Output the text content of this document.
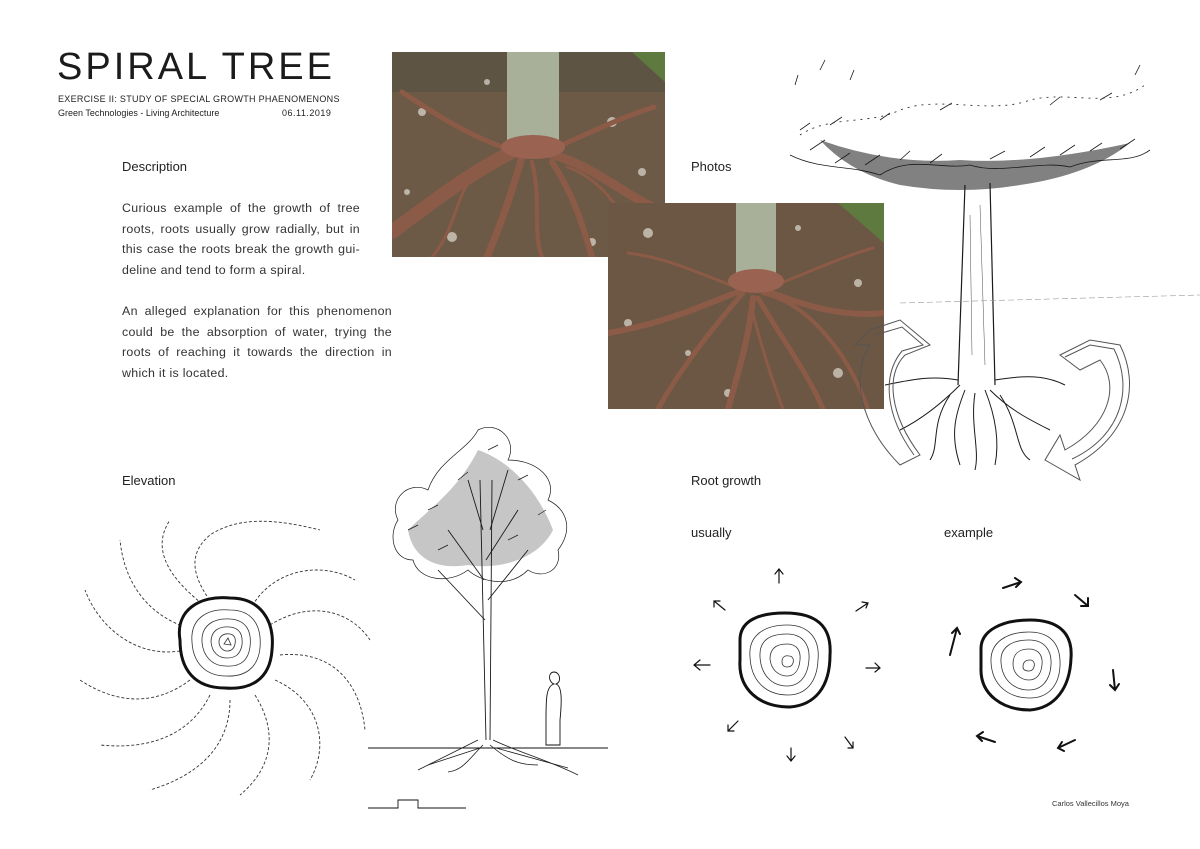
SPIRAL TREE
EXERCISE II: STUDY OF SPECIAL GROWTH PHAENOMENONS
Green Technologies - Living Architecture	06.11.2019
Description
Curious example of the growth of tree roots, roots usually grow radially, but in this case the roots break the growth gui-deline and tend to form a spiral.
An alleged explanation for this phenomenon could be the absorption of water, trying the roots of reaching it towards the direction in which it is located.
Photos
Elevation	Root growth
usually	example
Carlos Vallecillos Moya
